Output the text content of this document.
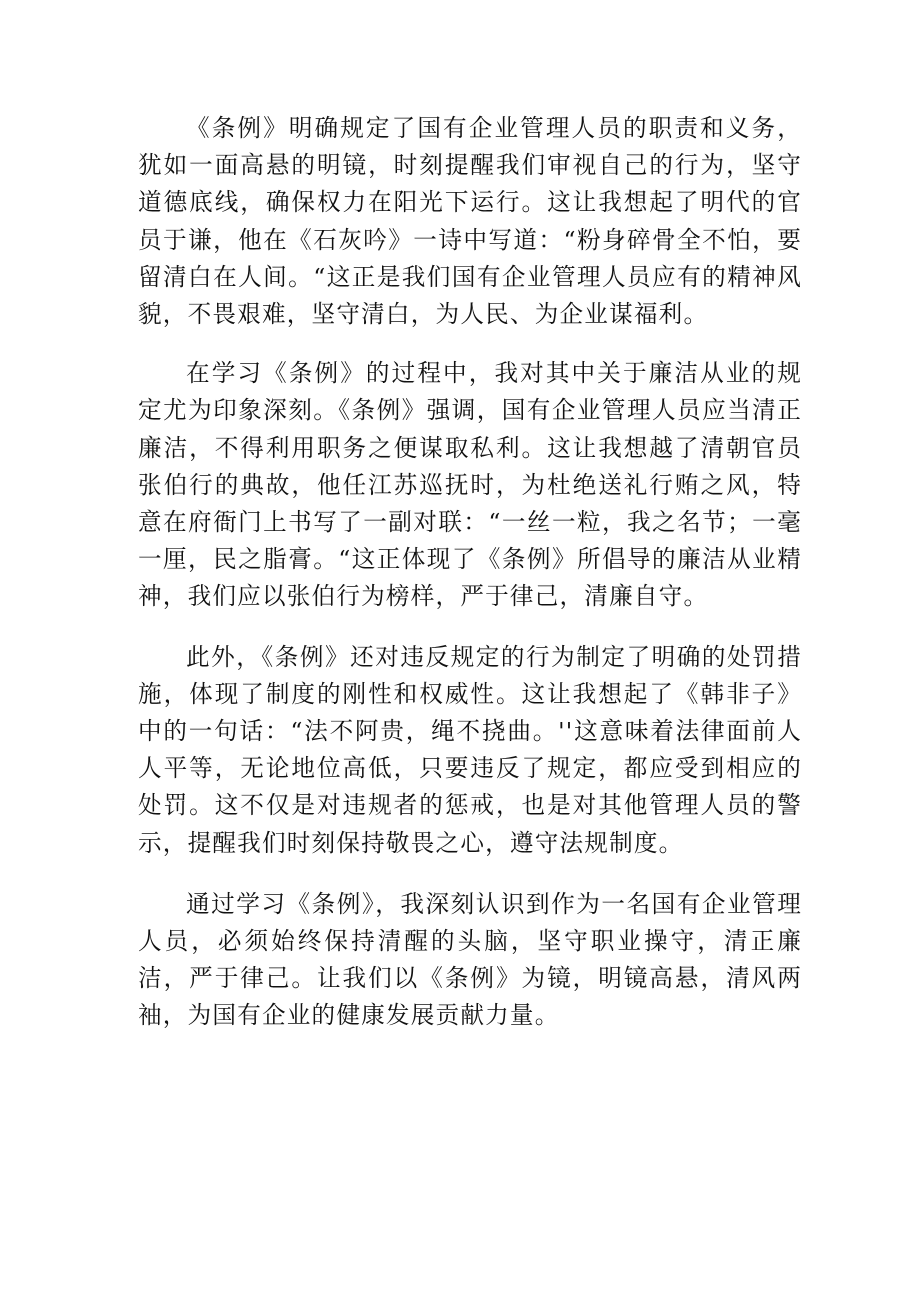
《条例》明确规定了国有企业管理人员的职责和义务，犹如一面高悬的明镜，时刻提醒我们审视自己的行为，坚守道德底线，确保权力在阳光下运行。这让我想起了明代的官员于谦，他在《石灰吟》一诗中写道：“粉身碎骨全不怕，要留清白在人间。“这正是我们国有企业管理人员应有的精神风貌，不畏艰难，坚守清白，为人民、为企业谋福利。

在学习《条例》的过程中，我对其中关于廉洁从业的规定尤为印象深刻。《条例》强调，国有企业管理人员应当清正廉洁，不得利用职务之便谋取私利。这让我想越了清朝官员张伯行的典故，他任江苏巡抚时，为杜绝送礼行贿之风，特意在府衙门上书写了一副对联：“一丝一粒，我之名节；一毫一厘，民之脂膏。“这正体现了《条例》所倡导的廉洁从业精神，我们应以张伯行为榜样，严于律己，清廉自守。

此外，《条例》还对违反规定的行为制定了明确的处罚措施，体现了制度的刚性和权威性。这让我想起了《韩非子》中的一句话：“法不阿贵，绳不挠曲。''这意味着法律面前人人平等，无论地位高低，只要违反了规定，都应受到相应的处罚。这不仅是对违规者的惩戒，也是对其他管理人员的警示，提醒我们时刻保持敬畏之心，遵守法规制度。

通过学习《条例》，我深刻认识到作为一名国有企业管理人员，必须始终保持清醒的头脑，坚守职业操守，清正廉洁，严于律己。让我们以《条例》为镜，明镜高悬，清风两袖，为国有企业的健康发展贡献力量。
